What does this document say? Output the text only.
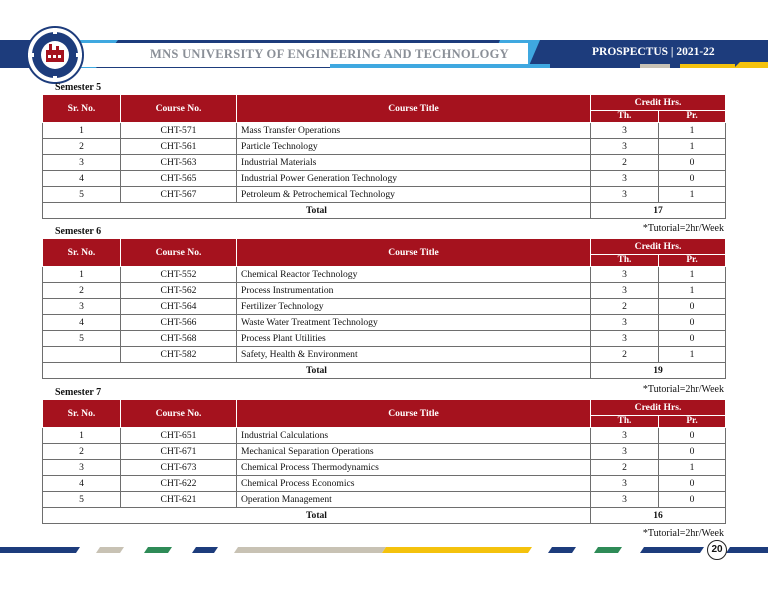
MNS UNIVERSITY OF ENGINEERING AND TECHNOLOGY	PROSPECTUS | 2021-22
Semester 5
Sr. No.	Course No.	Course Title	Credit Hrs.	
			Th.	Pr.
1	CHT-571	Mass Transfer Operations	3	1
2	CHT-561	Particle Technology	3	1
3	CHT-563	Industrial Materials	2	0
4	CHT-565	Industrial Power Generation Technology	3	0
5	CHT-567	Petroleum & Petrochemical Technology	3	1
Total			17	
*Tutorial=2hr/Week
Semester 6
Sr. No.	Course No.	Course Title	Credit Hrs.	
			Th.	Pr.
1	CHT-552	Chemical Reactor Technology	3	1
2	CHT-562	Process Instrumentation	3	1
3	CHT-564	Fertilizer Technology	2	0
4	CHT-566	Waste Water Treatment Technology	3	0
5	CHT-568	Process Plant Utilities	3	0
	CHT-582	Safety, Health & Environment	2	1
Total			19	
*Tutorial=2hr/Week
Semester 7
Sr. No.	Course No.	Course Title	Credit Hrs.	
			Th.	Pr.
1	CHT-651	Industrial Calculations	3	0
2	CHT-671	Mechanical Separation Operations	3	0
3	CHT-673	Chemical Process Thermodynamics	2	1
4	CHT-622	Chemical Process Economics	3	0
5	CHT-621	Operation Management	3	0
Total			16	
*Tutorial=2hr/Week
20
